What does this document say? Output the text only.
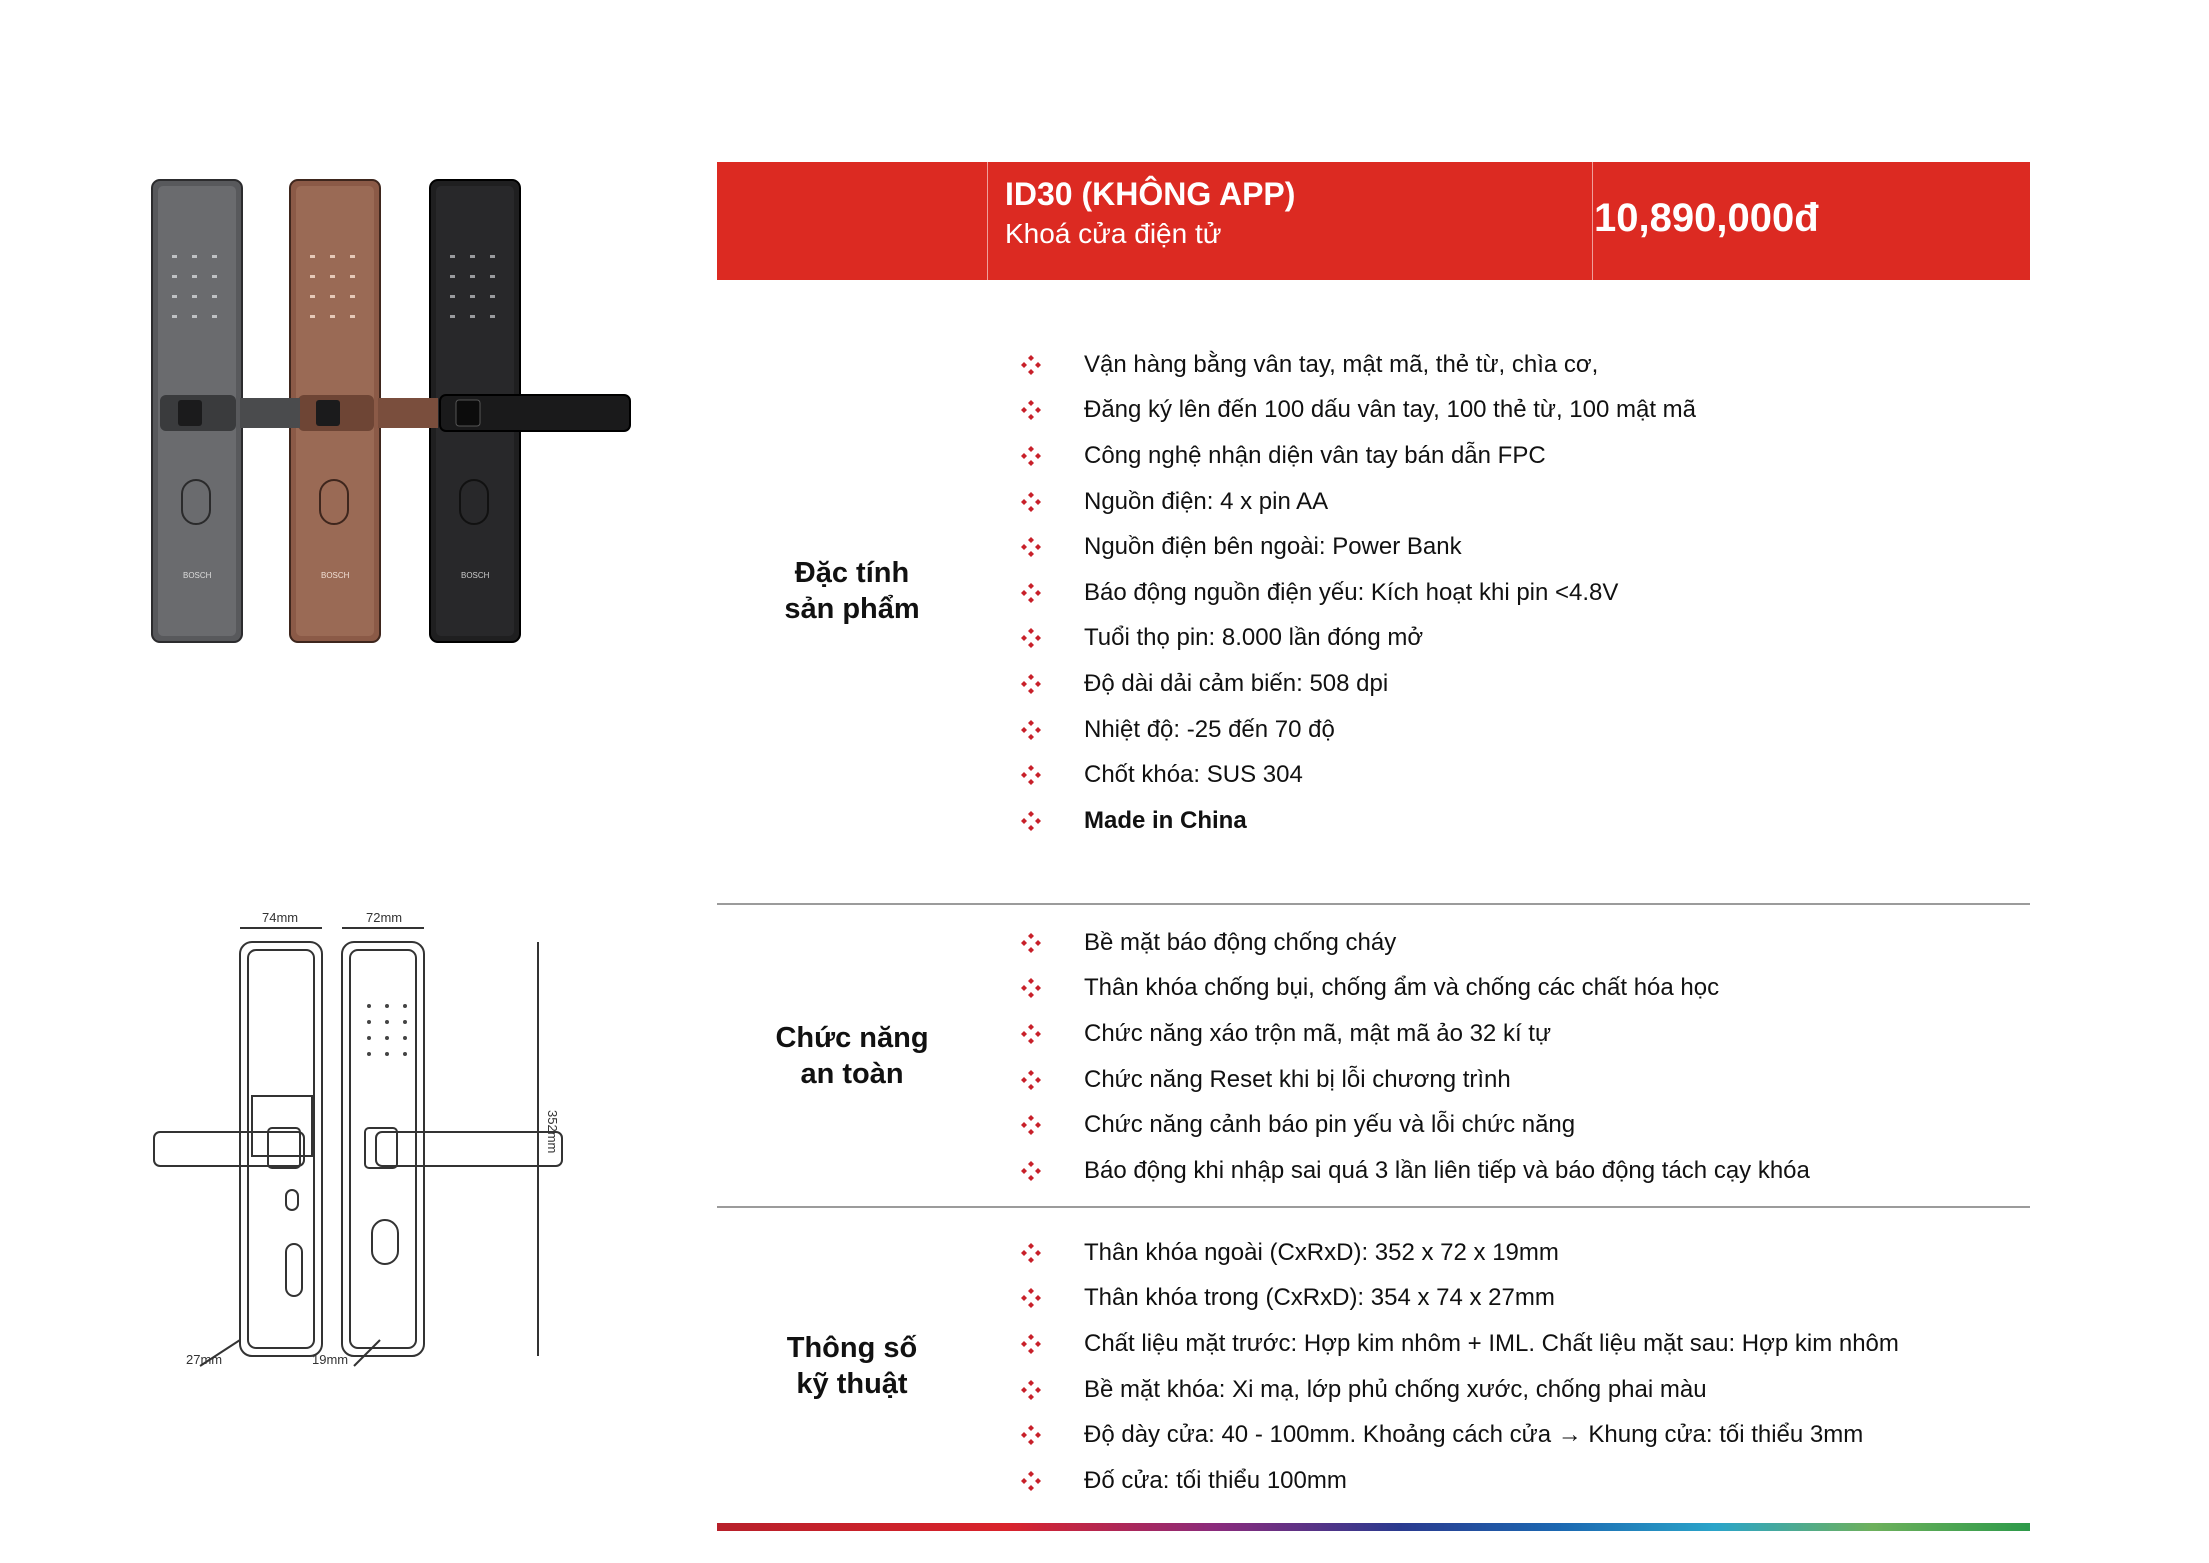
BOSCH	BOSCH	BOSCH
74mm	72mm
352mm
27mm	19mm
ID30 (KHÔNG APP)
Khoá cửa điện tử	10,890,000đ
Đặc tính
sản phẩm
Vận hàng bằng vân tay, mật mã, thẻ từ, chìa cơ,
Đăng ký lên đến 100 dấu vân tay, 100 thẻ từ, 100 mật mã
Công nghệ nhận diện vân tay bán dẫn FPC
Nguồn điện: 4 x pin AA
Nguồn điện bên ngoài: Power Bank
Báo động nguồn điện yếu: Kích hoạt khi pin <4.8V
Tuổi thọ pin: 8.000 lần đóng mở
Độ dài dải cảm biến: 508 dpi
Nhiệt độ: -25 đến 70 độ
Chốt khóa: SUS 304
Made in China
Chức năng
an toàn
Bề mặt báo động chống cháy
Thân khóa chống bụi, chống ẩm và chống các chất hóa học
Chức năng xáo trộn mã, mật mã ảo 32 kí tự
Chức năng Reset khi bị lỗi chương trình
Chức năng cảnh báo pin yếu và lỗi chức năng
Báo động khi nhập sai quá 3 lần liên tiếp và báo động tách cạy khóa
Thông số
kỹ thuật
Thân khóa ngoài (CxRxD): 352 x 72 x 19mm
Thân khóa trong (CxRxD): 354 x 74 x 27mm
Chất liệu mặt trước: Hợp kim nhôm + IML. Chất liệu mặt sau: Hợp kim nhôm
Bề mặt khóa: Xi mạ, lớp phủ chống xước, chống phai màu
Độ dày cửa: 40 - 100mm. Khoảng cách cửa → Khung cửa: tối thiểu 3mm
Đố cửa: tối thiểu 100mm
